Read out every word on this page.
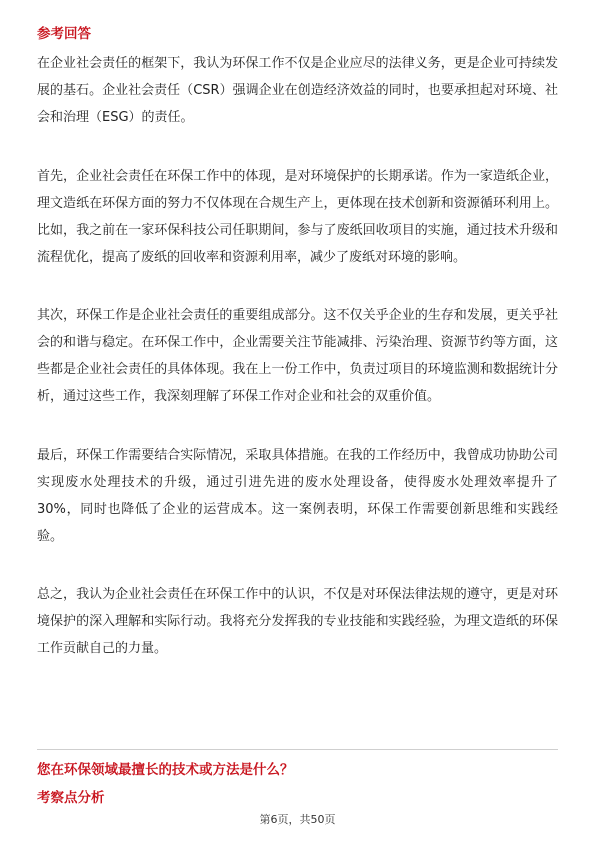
参考回答

在企业社会责任的框架下，我认为环保工作不仅是企业应尽的法律义务，更是企业可持续发展的基石。企业社会责任（CSR）强调企业在创造经济效益的同时，也要承担起对环境、社会和治理（ESG）的责任。

首先，企业社会责任在环保工作中的体现，是对环境保护的长期承诺。作为一家造纸企业，理文造纸在环保方面的努力不仅体现在合规生产上，更体现在技术创新和资源循环利用上。比如，我之前在一家环保科技公司任职期间，参与了废纸回收项目的实施，通过技术升级和流程优化，提高了废纸的回收率和资源利用率，减少了废纸对环境的影响。

其次，环保工作是企业社会责任的重要组成部分。这不仅关乎企业的生存和发展，更关乎社会的和谐与稳定。在环保工作中，企业需要关注节能减排、污染治理、资源节约等方面，这些都是企业社会责任的具体体现。我在上一份工作中，负责过项目的环境监测和数据统计分析，通过这些工作，我深刻理解了环保工作对企业和社会的双重价值。

最后，环保工作需要结合实际情况，采取具体措施。在我的工作经历中，我曾成功协助公司实现废水处理技术的升级，通过引进先进的废水处理设备，使得废水处理效率提升了30%，同时也降低了企业的运营成本。这一案例表明，环保工作需要创新思维和实践经验。

总之，我认为企业社会责任在环保工作中的认识，不仅是对环保法律法规的遵守，更是对环境保护的深入理解和实际行动。我将充分发挥我的专业技能和实践经验，为理文造纸的环保工作贡献自己的力量。

您在环保领域最擅长的技术或方法是什么？
考察点分析
第6页，共50页
